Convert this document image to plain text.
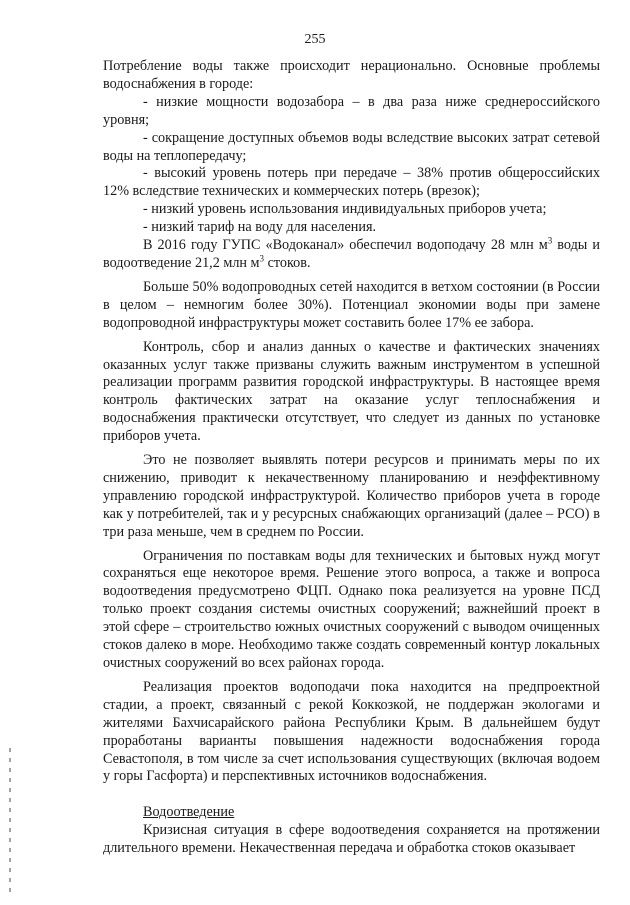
255

Потребление воды также происходит нерационально. Основные проблемы водоснабжения в городе:

- низкие мощности водозабора – в два раза ниже среднероссийского уровня;

- сокращение доступных объемов воды вследствие высоких затрат сетевой воды на теплопередачу;

- высокий уровень потерь при передаче – 38% против общероссийских 12% вследствие технических и коммерческих потерь (врезок);

- низкий уровень использования индивидуальных приборов учета;

- низкий тариф на воду для населения.

В 2016 году ГУПС «Водоканал» обеспечил водоподачу 28 млн $м^3$ воды и водоотведение 21,2 млн $м^3$ стоков.

Больше 50% водопроводных сетей находится в ветхом состоянии (в России в целом – немногим более 30%). Потенциал экономии воды при замене водопроводной инфраструктуры может составить более 17% ее забора.

Контроль, сбор и анализ данных о качестве и фактических значениях оказанных услуг также призваны служить важным инструментом в успешной реализации программ развития городской инфраструктуры. В настоящее время контроль фактических затрат на оказание услуг теплоснабжения и водоснабжения практически отсутствует, что следует из данных по установке приборов учета.

Это не позволяет выявлять потери ресурсов и принимать меры по их снижению, приводит к некачественному планированию и неэффективному управлению городской инфраструктурой. Количество приборов учета в городе как у потребителей, так и у ресурсных снабжающих организаций (далее – РСО) в три раза меньше, чем в среднем по России.

Ограничения по поставкам воды для технических и бытовых нужд могут сохраняться еще некоторое время. Решение этого вопроса, а также и вопроса водоотведения предусмотрено ФЦП. Однако пока реализуется на уровне ПСД только проект создания системы очистных сооружений; важнейший проект в этой сфере – строительство южных очистных сооружений с выводом очищенных стоков далеко в море. Необходимо также создать современный контур локальных очистных сооружений во всех районах города.

Реализация проектов водоподачи пока находится на предпроектной стадии, а проект, связанный с рекой Коккозкой, не поддержан экологами и жителями Бахчисарайского района Республики Крым. В дальнейшем будут проработаны варианты повышения надежности водоснабжения города Севастополя, в том числе за счет использования существующих (включая водоем у горы Гасфорта) и перспективных источников водоснабжения.

Водоотведение

Кризисная ситуация в сфере водоотведения сохраняется на протяжении длительного времени. Некачественная передача и обработка стоков оказывает
